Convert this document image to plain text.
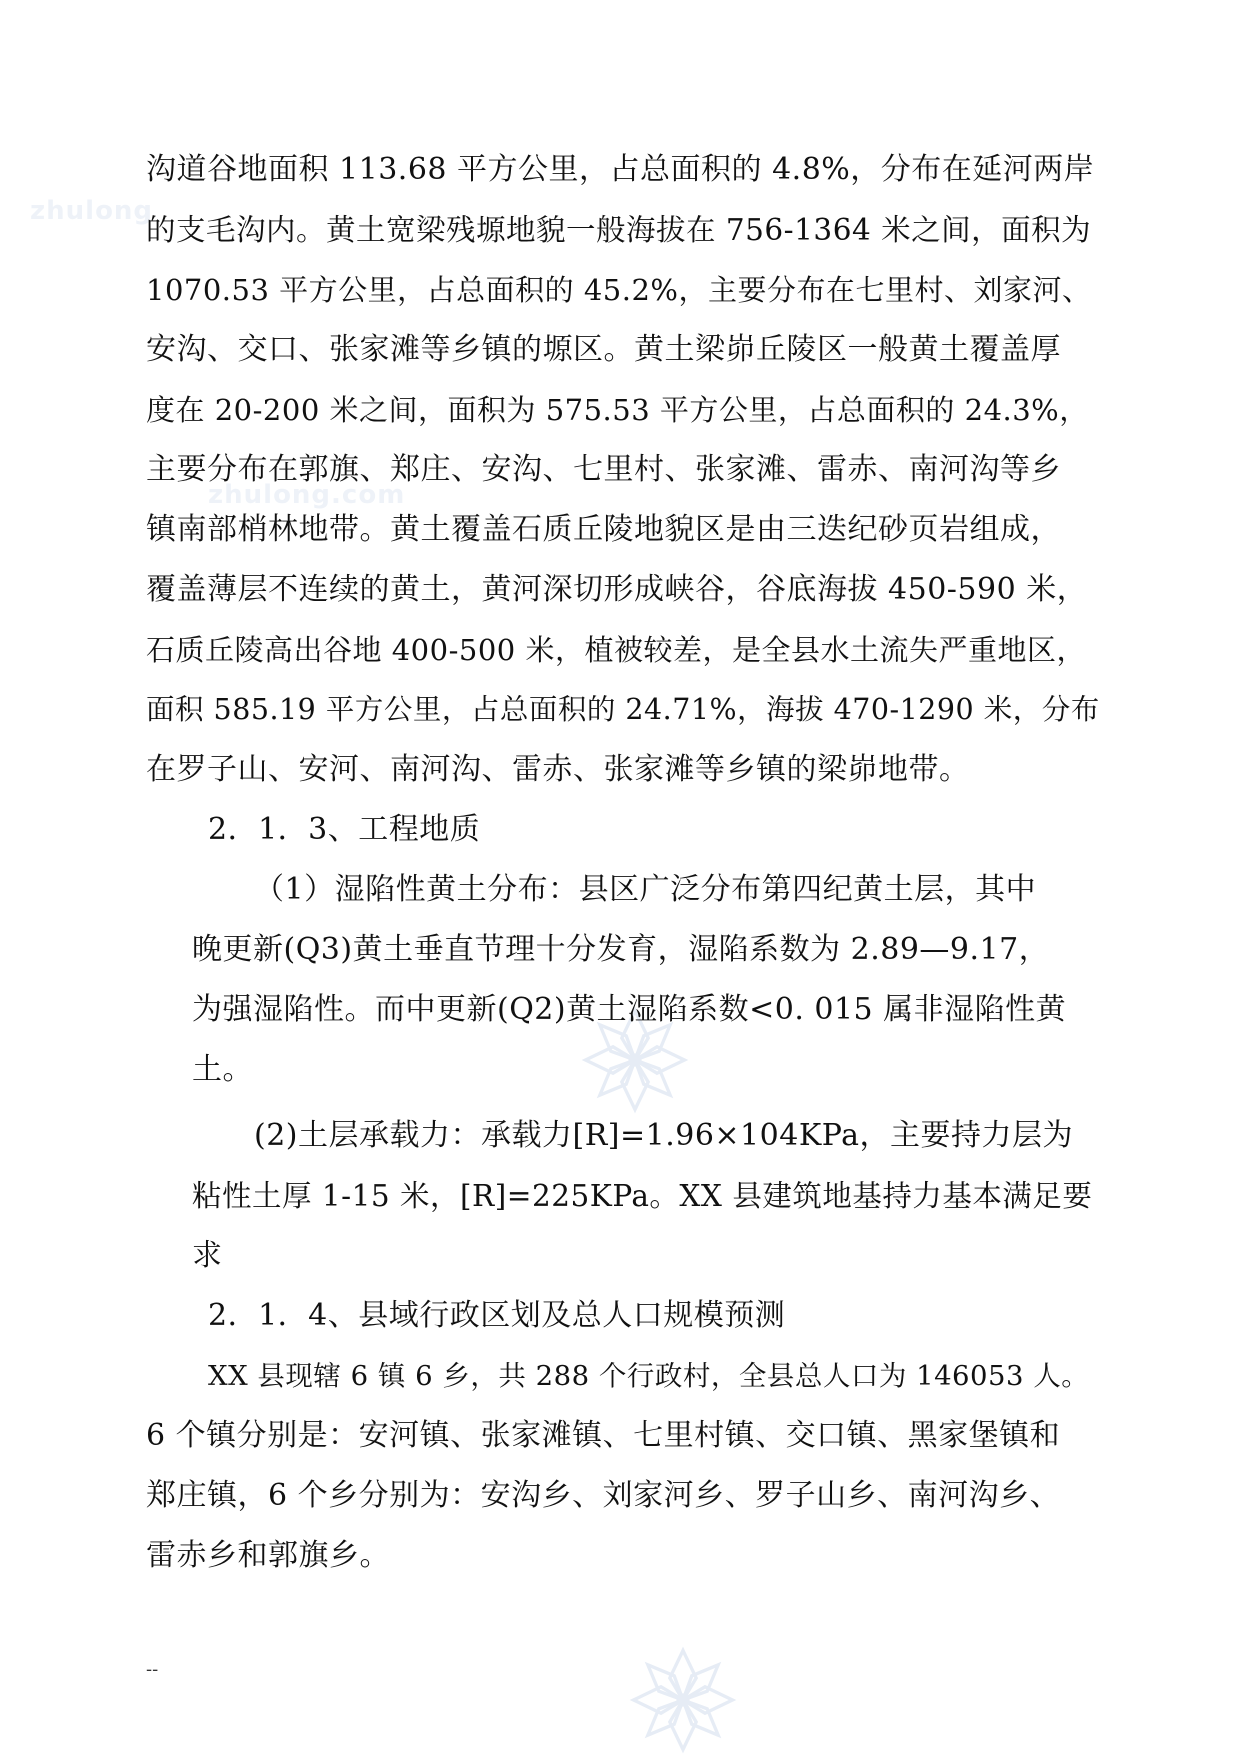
zhulong
zhulong.com
沟道谷地面积 113.68 平方公里，占总面积的 4.8%，分布在延河两岸
的支毛沟内。黄土宽梁残塬地貌一般海拔在 756-1364 米之间，面积为
1070.53 平方公里，占总面积的 45.2%，主要分布在七里村、刘家河、
安沟、交口、张家滩等乡镇的塬区。黄土梁峁丘陵区一般黄土覆盖厚
度在 20-200 米之间，面积为 575.53 平方公里，占总面积的 24.3%，
主要分布在郭旗、郑庄、安沟、七里村、张家滩、雷赤、南河沟等乡
镇南部梢林地带。黄土覆盖石质丘陵地貌区是由三迭纪砂页岩组成，
覆盖薄层不连续的黄土，黄河深切形成峡谷，谷底海拔 450-590 米，
石质丘陵高出谷地 400-500 米，植被较差，是全县水土流失严重地区，
面积 585.19 平方公里，占总面积的 24.71%，海拔 470-1290 米，分布
在罗子山、安河、南河沟、雷赤、张家滩等乡镇的梁峁地带。
2．1．3、工程地质
（1）湿陷性黄土分布：县区广泛分布第四纪黄土层，其中
晚更新(Q3)黄土垂直节理十分发育，湿陷系数为 2.89—9.17，
为强湿陷性。而中更新(Q2)黄土湿陷系数<0. 015 属非湿陷性黄
土。
(2)土层承载力：承载力[R]=1.96×104KPa，主要持力层为
粘性土厚 1-15 米，[R]=225KPa。XX 县建筑地基持力基本满足要
求
2．1．4、县域行政区划及总人口规模预测
XX 县现辖 6 镇 6 乡，共 288 个行政村，全县总人口为 146053 人。
6 个镇分别是：安河镇、张家滩镇、七里村镇、交口镇、黑家堡镇和
郑庄镇，6 个乡分别为：安沟乡、刘家河乡、罗子山乡、南河沟乡、
雷赤乡和郭旗乡。
--
